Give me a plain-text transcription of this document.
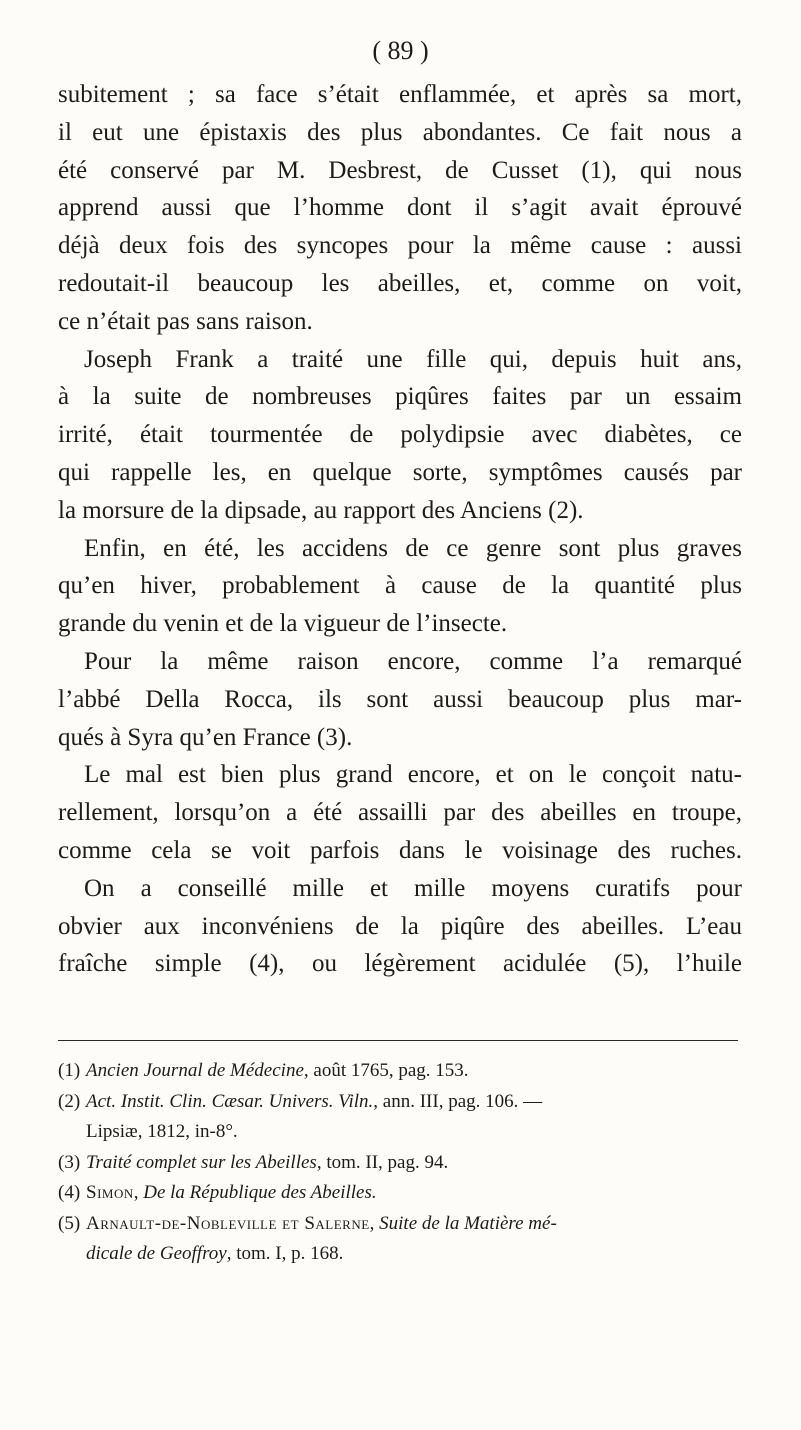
( 89 )
subitement ; sa face s’était enflammée, et après sa mort,
il eut une épistaxis des plus abondantes. Ce fait nous a
été conservé par M. Desbrest, de Cusset (1), qui nous
apprend aussi que l’homme dont il s’agit avait éprouvé
déjà deux fois des syncopes pour la même cause : aussi
redoutait-il beaucoup les abeilles, et, comme on voit,
ce n’était pas sans raison.
Joseph Frank a traité une fille qui, depuis huit ans,
à la suite de nombreuses piqûres faites par un essaim
irrité, était tourmentée de polydipsie avec diabètes, ce
qui rappelle les, en quelque sorte, symptômes causés par
la morsure de la dipsade, au rapport des Anciens (2).
Enfin, en été, les accidens de ce genre sont plus graves
qu’en hiver, probablement à cause de la quantité plus
grande du venin et de la vigueur de l’insecte.
Pour la même raison encore, comme l’a remarqué
l’abbé Della Rocca, ils sont aussi beaucoup plus mar-
qués à Syra qu’en France (3).
Le mal est bien plus grand encore, et on le conçoit natu-
rellement, lorsqu’on a été assailli par des abeilles en troupe,
comme cela se voit parfois dans le voisinage des ruches.
On a conseillé mille et mille moyens curatifs pour
obvier aux inconvéniens de la piqûre des abeilles. L’eau
fraîche simple (4), ou légèrement acidulée (5), l’huile
(1) Ancien Journal de Médecine, août 1765, pag. 153.
(2) Act. Instit. Clin. Cæsar. Univers. Viln., ann. III, pag. 106. —
Lipsiæ, 1812, in-8°.
(3) Traité complet sur les Abeilles, tom. II, pag. 94.
(4) Simon, De la République des Abeilles.
(5) Arnault-de-Nobleville et Salerne, Suite de la Matière mé-
dicale de Geoffroy, tom. I, p. 168.
